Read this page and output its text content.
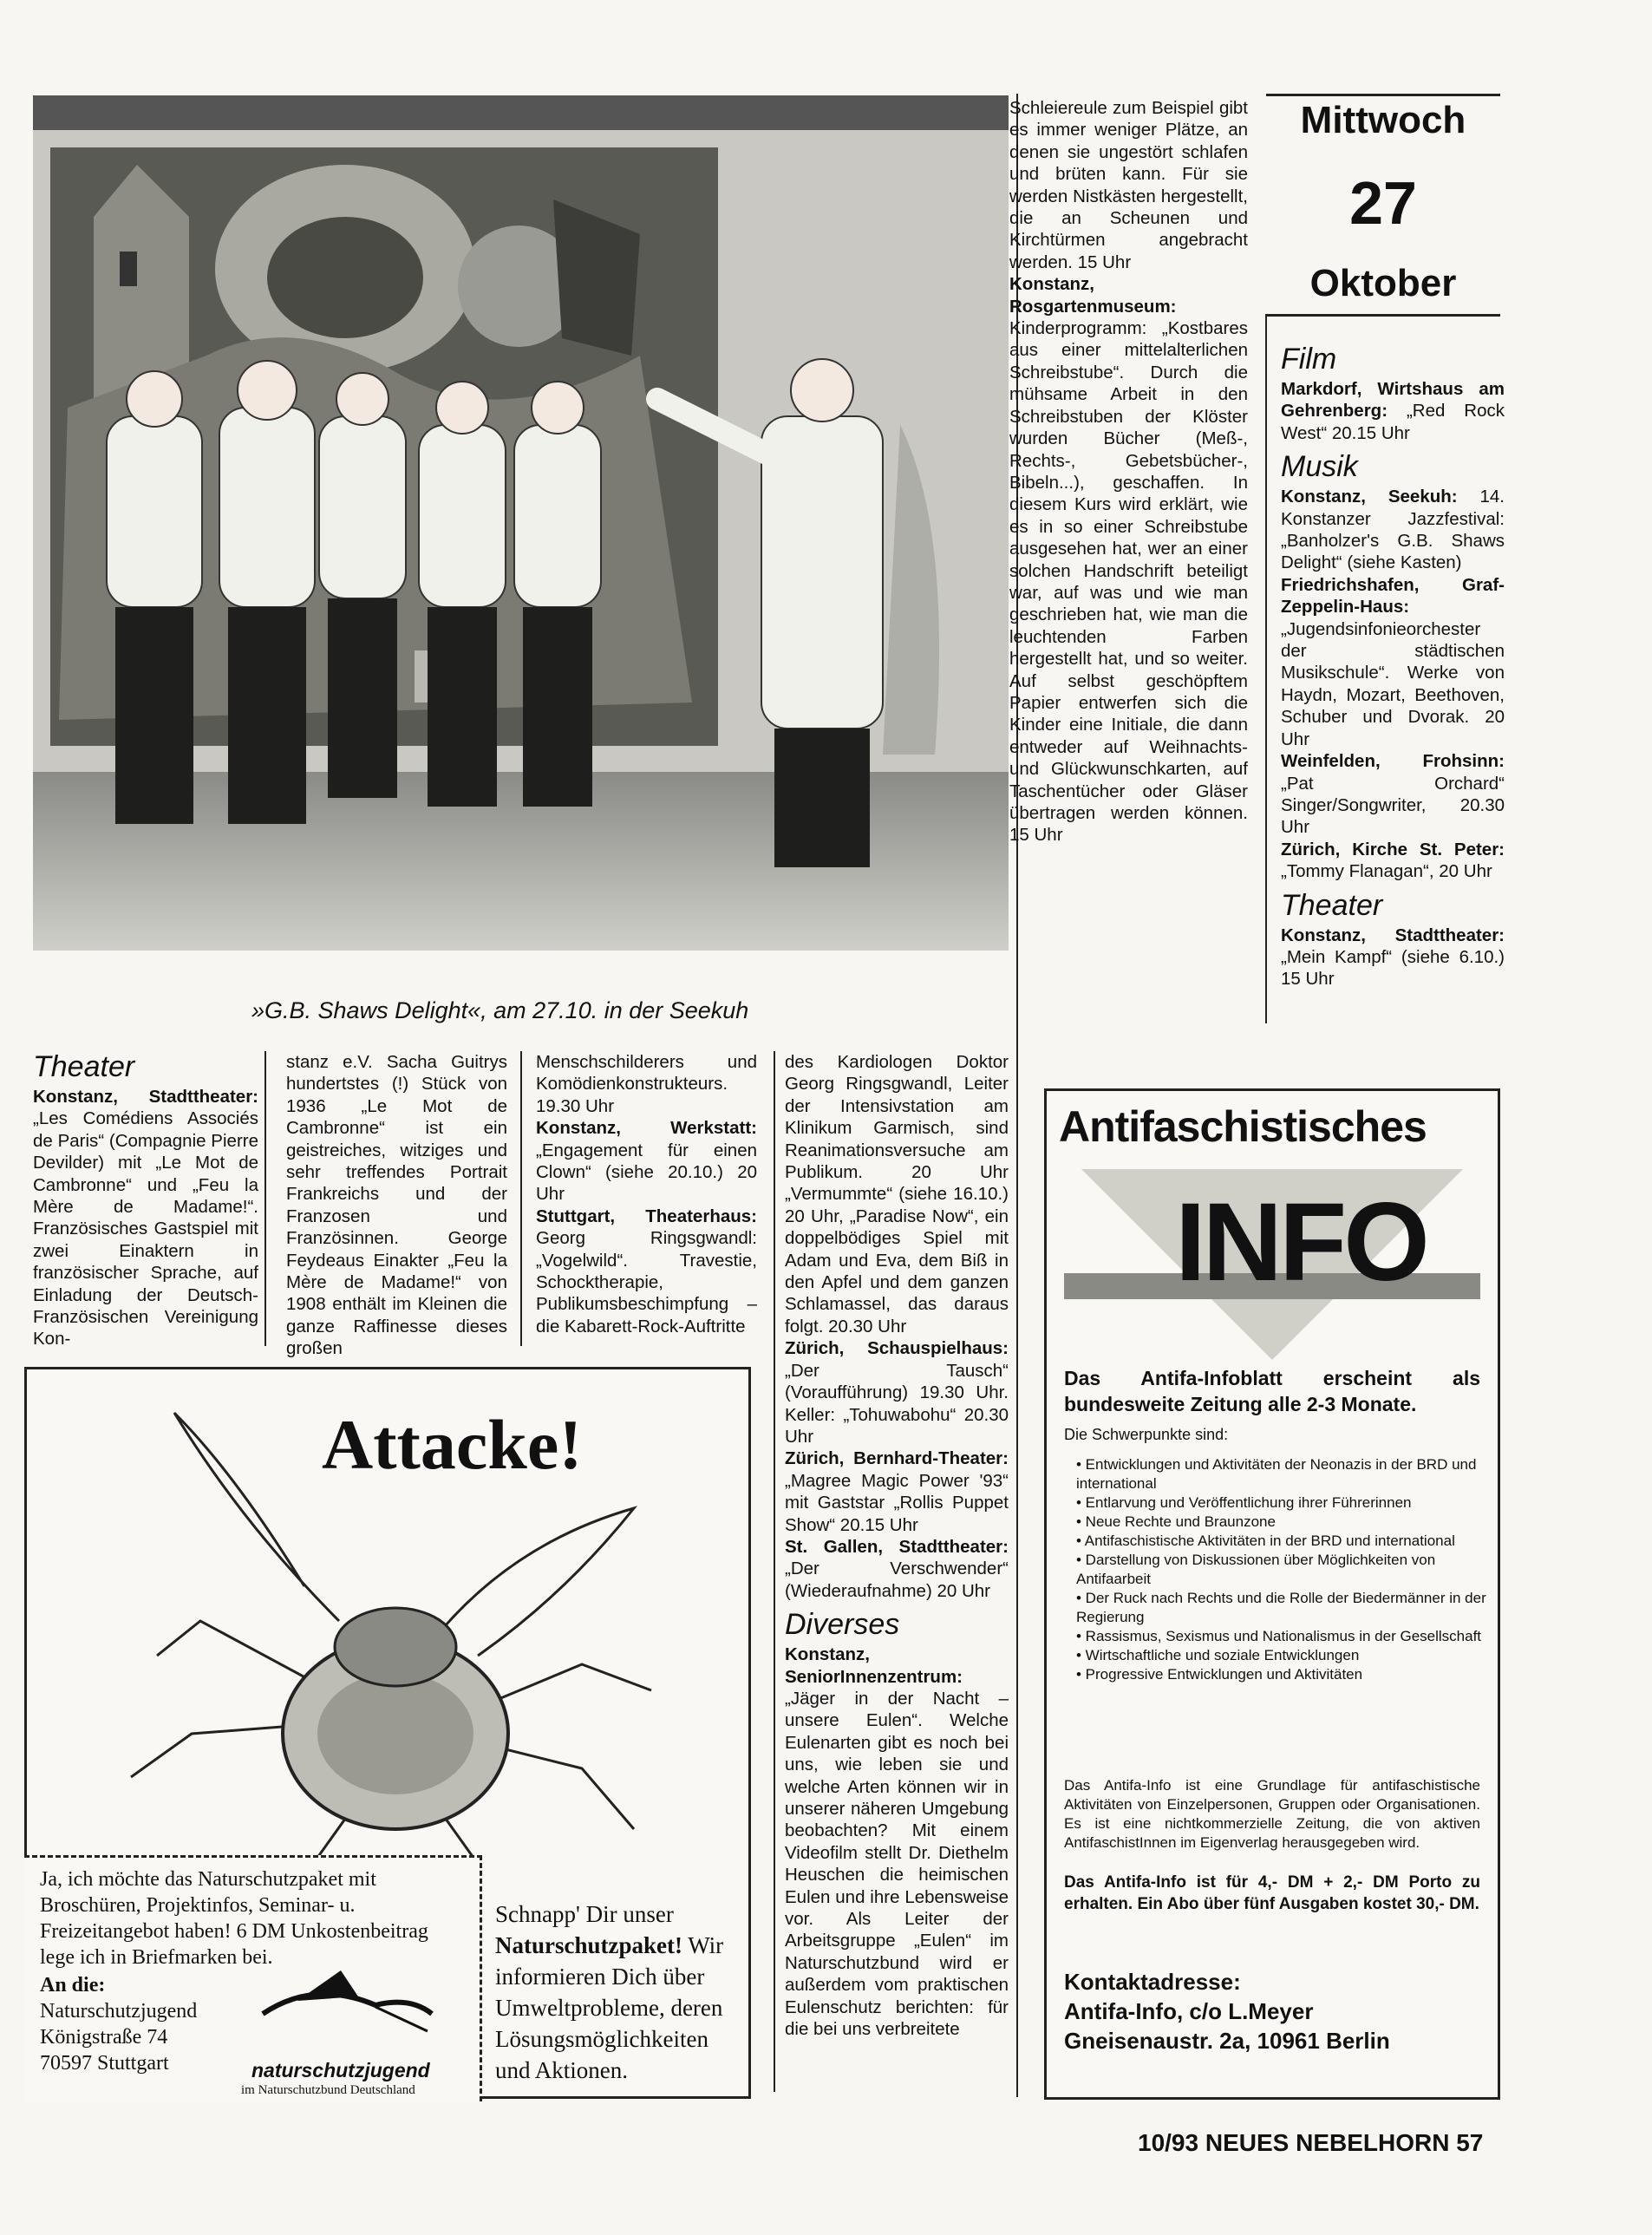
»G.B. Shaws Delight«, am 27.10. in der Seekuh

Schleiereule zum Beispiel gibt es immer weniger Plätze, an denen sie ungestört schlafen und brüten kann. Für sie werden Nistkästen hergestellt, die an Scheunen und Kirchtürmen angebracht werden. 15 Uhr

Konstanz, Rosgartenmuseum: Kinderprogramm: „Kostbares aus einer mittelalterlichen Schreibstube“. Durch die mühsame Arbeit in den Schreibstuben der Klöster wurden Bücher (Meß-, Rechts-, Gebetsbücher-, Bibeln...), geschaffen. In diesem Kurs wird erklärt, wie es in so einer Schreibstube ausgesehen hat, wer an einer solchen Handschrift beteiligt war, auf was und wie man geschrieben hat, wie man die leuchtenden Farben hergestellt hat, und so weiter. Auf selbst geschöpftem Papier entwerfen sich die Kinder eine Initiale, die dann entweder auf Weihnachts- und Glückwunschkarten, auf Taschentücher oder Gläser übertragen werden können. 15 Uhr

Mittwoch
27
Oktober
Film

Markdorf, Wirtshaus am Gehrenberg: „Red Rock West“ 20.15 Uhr

Musik

Konstanz, Seekuh: 14. Konstanzer Jazzfestival: „Banholzer's G.B. Shaws Delight“ (siehe Kasten)

Friedrichshafen, Graf-Zeppelin-Haus: „Jugendsinfonieorchester der städtischen Musikschule“. Werke von Haydn, Mozart, Beethoven, Schuber und Dvorak. 20 Uhr

Weinfelden, Frohsinn: „Pat Orchard“ Singer/Songwriter, 20.30 Uhr

Zürich, Kirche St. Peter: „Tommy Flanagan“, 20 Uhr

Theater

Konstanz, Stadttheater: „Mein Kampf“ (siehe 6.10.) 15 Uhr

Theater

Konstanz, Stadttheater: „Les Comédiens Associés de Paris“ (Compagnie Pierre Devilder) mit „Le Mot de Cambronne“ und „Feu la Mère de Madame!“. Französisches Gastspiel mit zwei Einaktern in französischer Sprache, auf Einladung der Deutsch-Französischen Vereinigung Kon-

stanz e.V. Sacha Guitrys hundertstes (!) Stück von 1936 „Le Mot de Cambronne“ ist ein geistreiches, witziges und sehr treffendes Portrait Frankreichs und der Franzosen und Französinnen. George Feydeaus Einakter „Feu la Mère de Madame!“ von 1908 enthält im Kleinen die ganze Raffinesse dieses großen

Menschschilderers und Komödienkonstrukteurs. 19.30 Uhr

Konstanz, Werkstatt: „Engagement für einen Clown“ (siehe 20.10.) 20 Uhr

Stuttgart, Theaterhaus: Georg Ringsgwandl: „Vogelwild“. Travestie, Schocktherapie, Publikumsbeschimpfung – die Kabarett-Rock-Auftritte

des Kardiologen Doktor Georg Ringsgwandl, Leiter der Intensivstation am Klinikum Garmisch, sind Reanimationsversuche am Publikum. 20 Uhr „Vermummte“ (siehe 16.10.) 20 Uhr, „Paradise Now“, ein doppelbödiges Spiel mit Adam und Eva, dem Biß in den Apfel und dem ganzen Schlamassel, das daraus folgt. 20.30 Uhr

Zürich, Schauspielhaus: „Der Tausch“ (Voraufführung) 19.30 Uhr. Keller: „Tohuwabohu“ 20.30 Uhr

Zürich, Bernhard-Theater: „Magree Magic Power '93“ mit Gaststar „Rollis Puppet Show“ 20.15 Uhr

St. Gallen, Stadttheater: „Der Verschwender“ (Wiederaufnahme) 20 Uhr

Diverses

Konstanz, SeniorInnenzentrum: „Jäger in der Nacht – unsere Eulen“. Welche Eulenarten gibt es noch bei uns, wie leben sie und welche Arten können wir in unserer näheren Umgebung beobachten? Mit einem Videofilm stellt Dr. Diethelm Heuschen die heimischen Eulen und ihre Lebensweise vor. Als Leiter der Arbeitsgruppe „Eulen“ im Naturschutzbund wird er außerdem vom praktischen Eulenschutz berichten: für die bei uns verbreitete

Attacke!
Ja, ich möchte das Naturschutzpaket mit Broschüren, Projektinfos, Seminar- u. Freizeitangebot haben! 6 DM Unkostenbeitrag lege ich in Briefmarken bei.
An die:
Naturschutzjugend
Königstraße 74
70597 Stuttgart	naturschutzjugend
im Naturschutzbund Deutschland
Schnapp' Dir unser Naturschutzpaket! Wir informieren Dich über Umweltprobleme, deren Lösungsmöglichkeiten und Aktionen.
Antifaschistisches
INFO
Das Antifa-Infoblatt erscheint als bundesweite Zeitung alle 2-3 Monate.
Die Schwerpunkte sind:
• Entwicklungen und Aktivitäten der Neonazis in der BRD und international
• Entlarvung und Veröffentlichung ihrer Führerinnen
• Neue Rechte und Braunzone
• Antifaschistische Aktivitäten in der BRD und international
• Darstellung von Diskussionen über Möglichkeiten von Antifaarbeit
• Der Ruck nach Rechts und die Rolle der Biedermänner in der Regierung
• Rassismus, Sexismus und Nationalismus in der Gesellschaft
• Wirtschaftliche und soziale Entwicklungen
• Progressive Entwicklungen und Aktivitäten
Das Antifa-Info ist eine Grundlage für antifaschistische Aktivitäten von Einzelpersonen, Gruppen oder Organisationen. Es ist eine nichtkommerzielle Zeitung, die von aktiven AntifaschistInnen im Eigenverlag herausgegeben wird.
Das Antifa-Info ist für 4,- DM + 2,- DM Porto zu erhalten. Ein Abo über fünf Ausgaben kostet 30,- DM.
Kontaktadresse:
Antifa-Info, c/o L.Meyer
Gneisenaustr. 2a, 10961 Berlin
10/93 NEUES NEBELHORN 57
